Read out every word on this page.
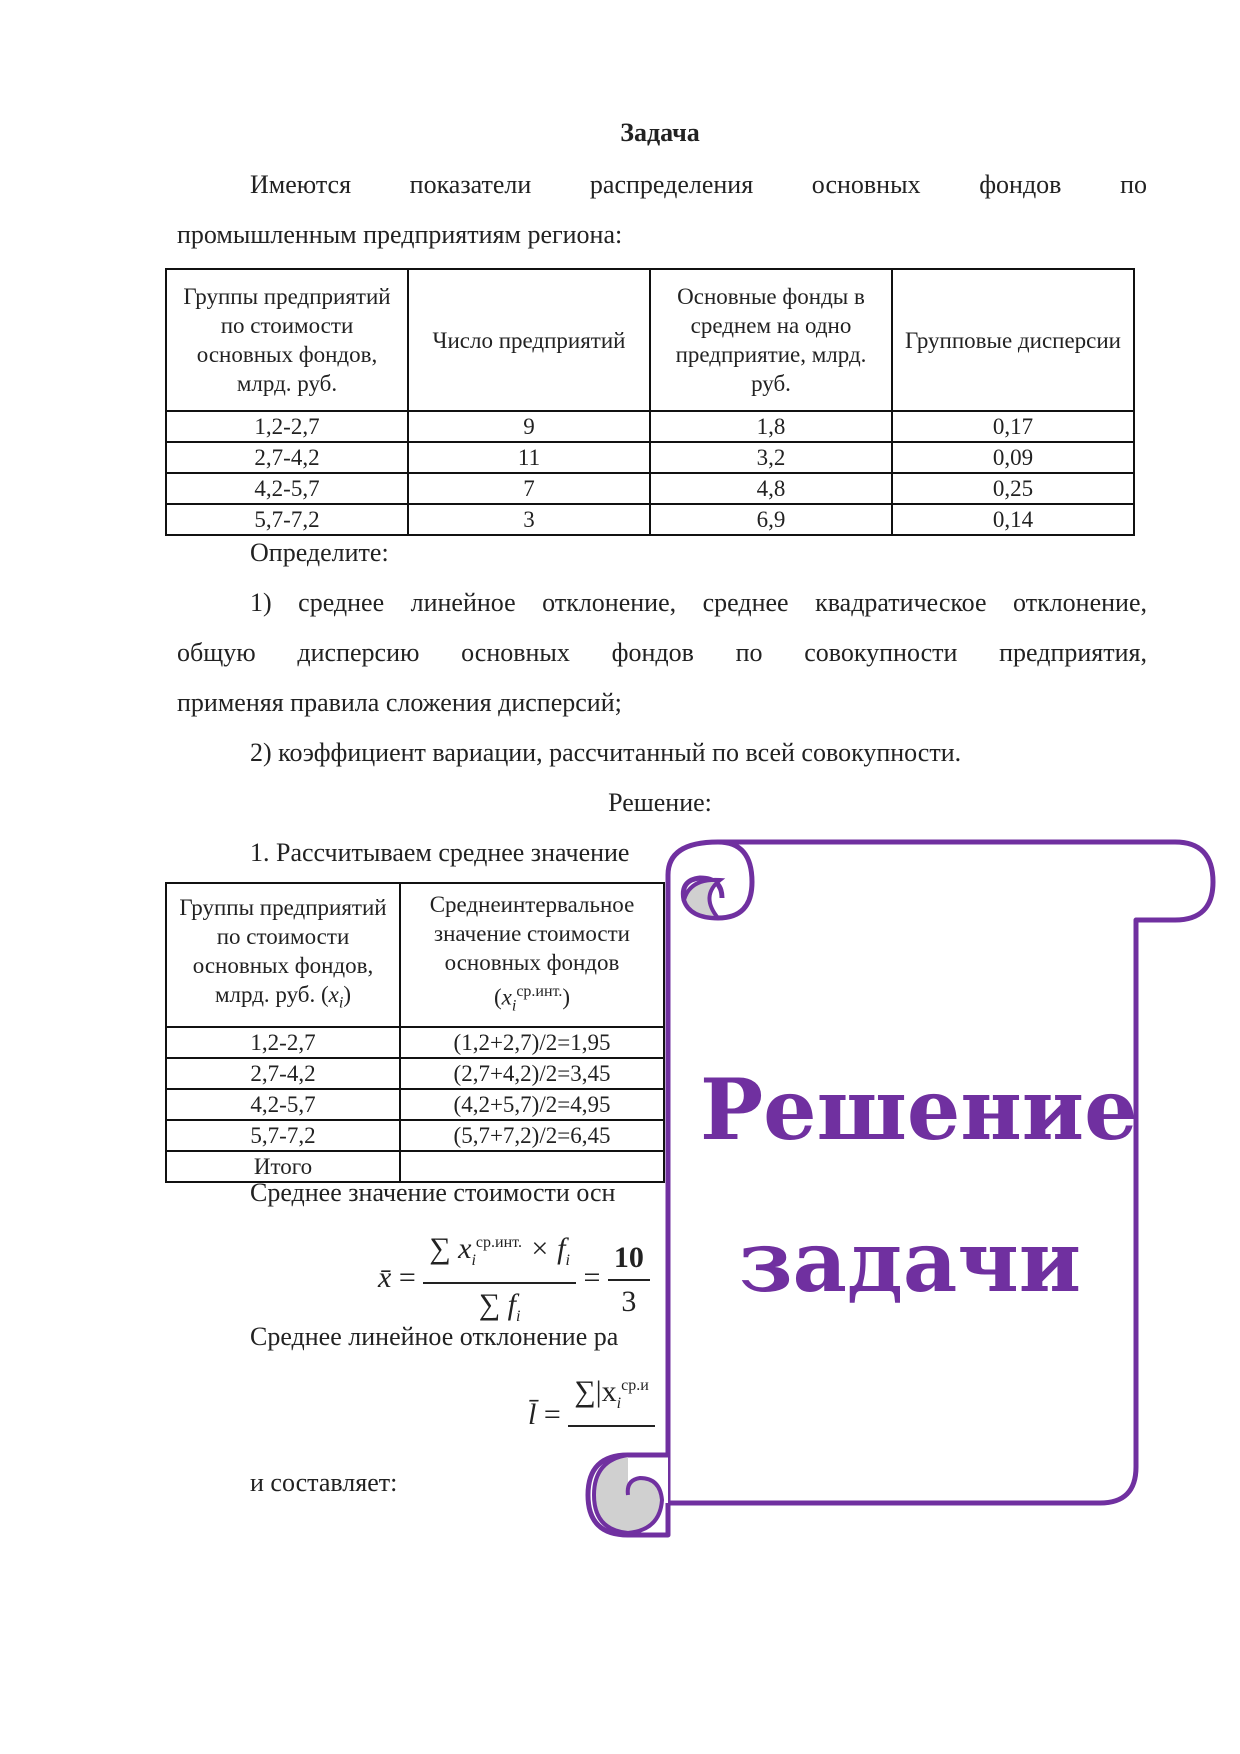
Задача
Имеются показатели распределения основных фондов по
промышленным предприятиям региона:
Группы предприятий по стоимости основных фондов, млрд. руб.	Число предприятий	Основные фонды в среднем на одно предприятие, млрд. руб.	Групповые дисперсии
1,2-2,7	9	1,8	0,17
2,7-4,2	11	3,2	0,09
4,2-5,7	7	4,8	0,25
5,7-7,2	3	6,9	0,14
Определите:
1) среднее линейное отклонение, среднее квадратическое отклонение,
общую дисперсию основных фондов по совокупности предприятия,
применяя правила сложения дисперсий;
2) коэффициент вариации, рассчитанный по всей совокупности.
Решение:
1. Рассчитываем среднее значение
Группы предприятий по стоимости основных фондов, млрд. руб. $(x_i)$	Среднеинтервальное значение стоимости основных фондов
$(x_i^{ср.инт.})$
1,2-2,7	(1,2+2,7)/2=1,95
2,7-4,2	(2,7+4,2)/2=3,45
4,2-5,7	(4,2+5,7)/2=4,95
5,7-7,2	(5,7+7,2)/2=6,45
Итого	
Среднее значение стоимости осн
x̄ = $\frac{\sum x_i^{ср.инт.} \times f_i}{\sum f_i} = \frac{10}{3}$
Среднее линейное отклонение ра
l̄ =
$\sum|x_i^{ср.и}$

и составляет:
Решение
задачи
